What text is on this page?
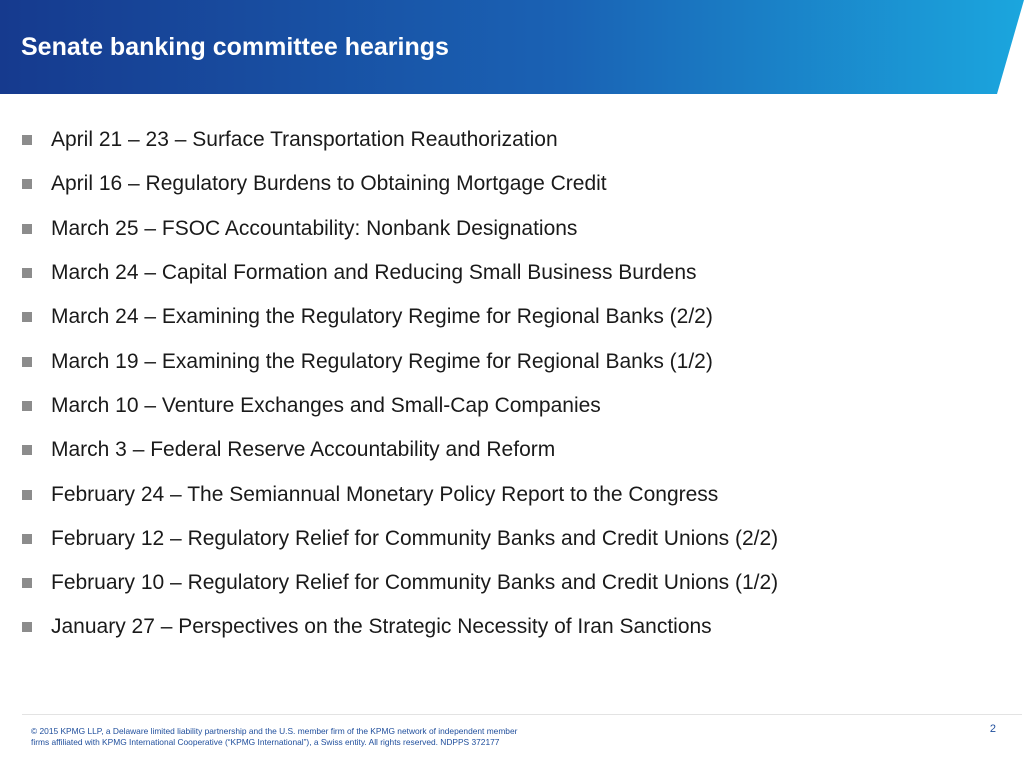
Senate banking committee hearings
April 21 – 23 – Surface Transportation Reauthorization
April 16 – Regulatory Burdens to Obtaining Mortgage Credit
March 25 – FSOC Accountability: Nonbank Designations
March 24 – Capital Formation and Reducing Small Business Burdens
March 24 – Examining the Regulatory Regime for Regional Banks (2/2)
March 19 – Examining the Regulatory Regime for Regional Banks (1/2)
March 10 – Venture Exchanges and Small-Cap Companies
March 3 – Federal Reserve Accountability and Reform
February 24 – The Semiannual Monetary Policy Report to the Congress
February 12 – Regulatory Relief for Community Banks and Credit Unions (2/2)
February 10 – Regulatory Relief for Community Banks and Credit Unions (1/2)
January 27 – Perspectives on the Strategic Necessity of Iran Sanctions
© 2015 KPMG LLP, a Delaware limited liability partnership and the U.S. member firm of the KPMG network of independent member
firms affiliated with KPMG International Cooperative (“KPMG International”), a Swiss entity. All rights reserved. NDPPS 372177
2
